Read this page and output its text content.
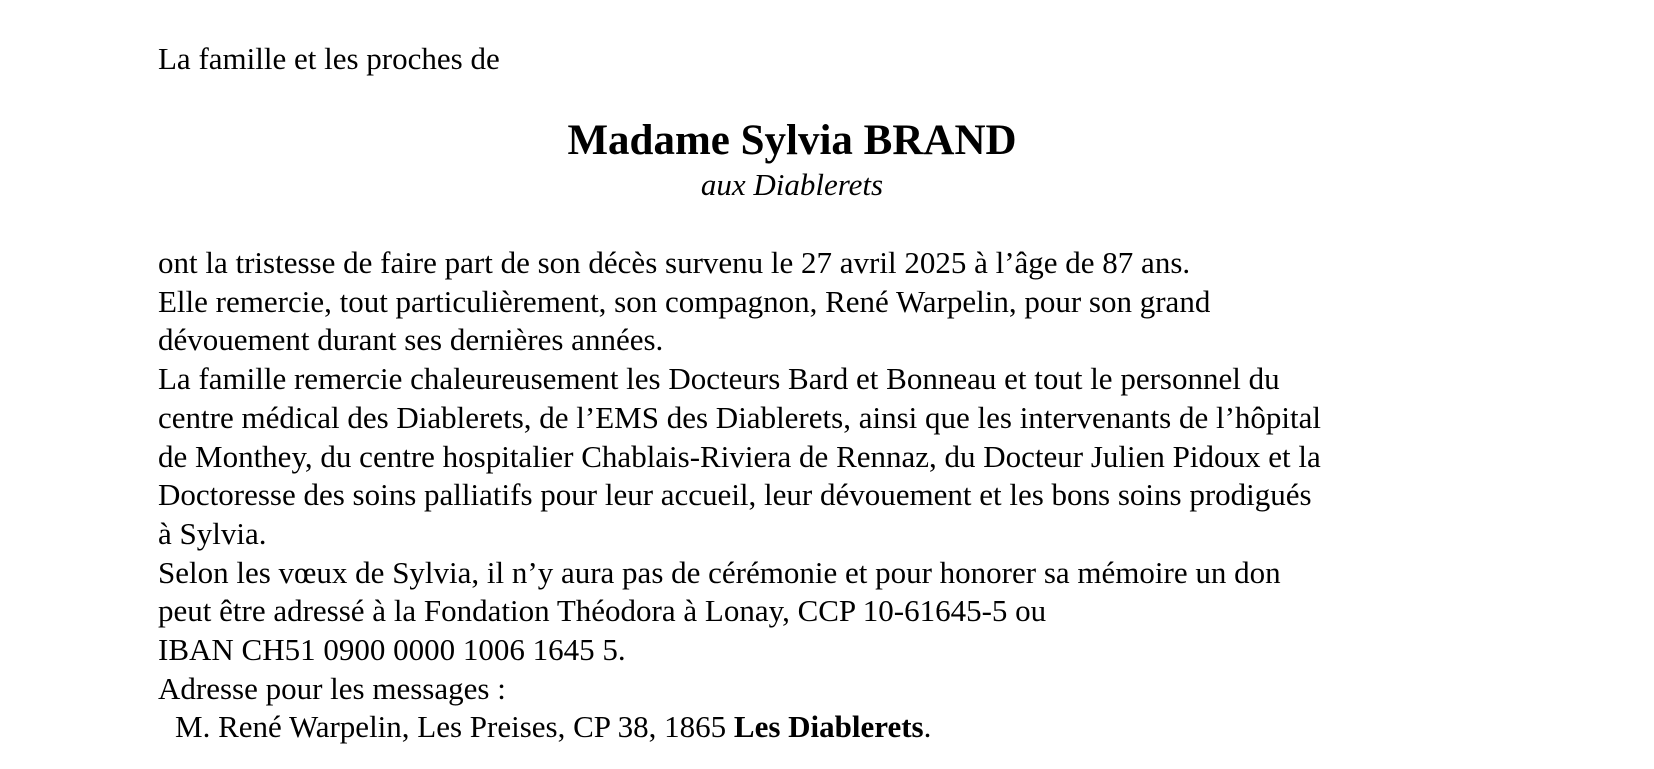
La famille et les proches de

Madame Sylvia BRAND

aux Diablerets

ont la tristesse de faire part de son décès survenu le 27 avril 2025 à l’âge de 87 ans.

Elle remercie, tout particulièrement, son compagnon, René Warpelin, pour son grand

dévouement durant ses dernières années.

La famille remercie chaleureusement les Docteurs Bard et Bonneau et tout le personnel du

centre médical des Diablerets, de l’EMS des Diablerets, ainsi que les intervenants de l’hôpital

de Monthey, du centre hospitalier Chablais-Riviera de Rennaz, du Docteur Julien Pidoux et la

Doctoresse des soins palliatifs pour leur accueil, leur dévouement et les bons soins prodigués

à Sylvia.

Selon les vœux de Sylvia, il n’y aura pas de cérémonie et pour honorer sa mémoire un don

peut être adressé à la Fondation Théodora à Lonay, CCP 10-61645-5 ou

IBAN CH51 0900 0000 1006 1645 5.

Adresse pour les messages :

M. René Warpelin, Les Preises, CP 38, 1865 Les Diablerets.
